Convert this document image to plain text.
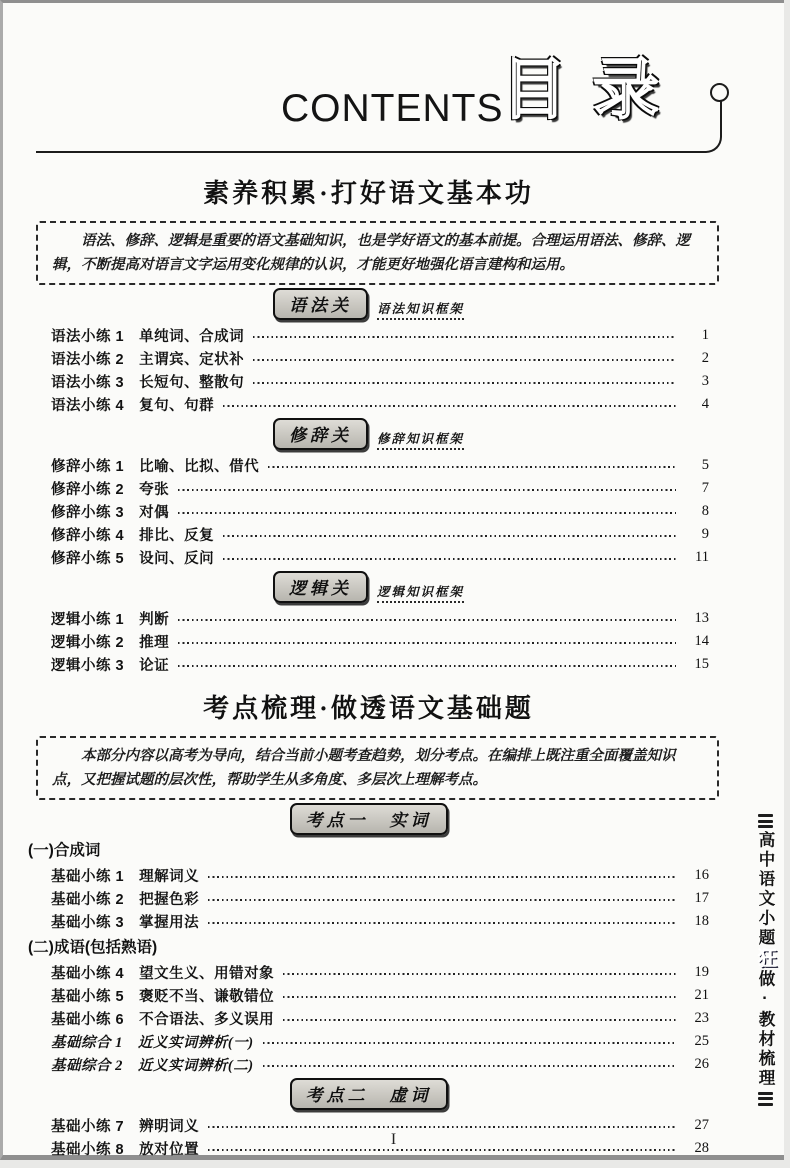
CONTENTS
目录
素养积累·打好语文基本功

语法、修辞、逻辑是重要的语文基础知识，也是学好语文的基本前提。合理运用语法、修辞、逻辑，不断提高对语言文字运用变化规律的认识，才能更好地强化语言建构和运用。

语法关	语法知识框架
语法小练 1 单纯词、合成词	1
语法小练 2 主谓宾、定状补	2
语法小练 3 长短句、整散句	3
语法小练 4 复句、句群	4
修辞关	修辞知识框架
修辞小练 1 比喻、比拟、借代	5
修辞小练 2 夸张	7
修辞小练 3 对偶	8
修辞小练 4 排比、反复	9
修辞小练 5 设问、反问	11
逻辑关	逻辑知识框架
逻辑小练 1 判断	13
逻辑小练 2 推理	14
逻辑小练 3 论证	15
考点梳理·做透语文基础题

本部分内容以高考为导向，结合当前小题考查趋势，划分考点。在编排上既注重全面覆盖知识点，又把握试题的层次性，帮助学生从多角度、多层次上理解考点。

考点一　实词
(一)合成词
基础小练 1 理解词义	16
基础小练 2 把握色彩	17
基础小练 3 掌握用法	18
(二)成语(包括熟语)
基础小练 4 望文生义、用错对象	19
基础小练 5 褒贬不当、谦敬错位	21
基础小练 6 不合语法、多义误用	23
基础综合 1 近义实词辨析(一)	25
基础综合 2 近义实词辨析(二)	26
考点二　虚词
基础小练 7 辨明词义	27
基础小练 8 放对位置	28
I
高中语文小题狂做·教材梳理
